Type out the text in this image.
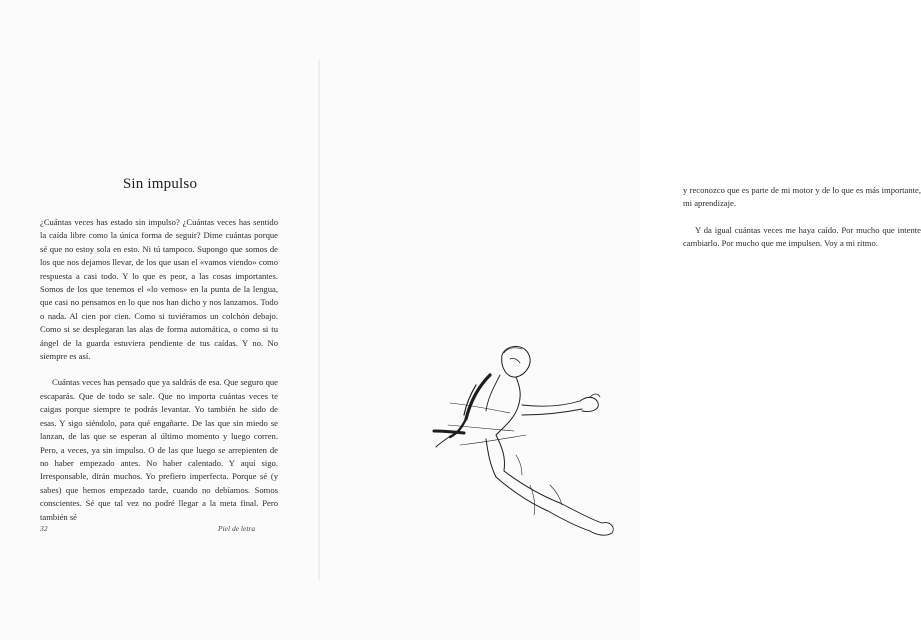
Sin impulso

¿Cuántas veces has estado sin impulso? ¿Cuántas veces has sentido la caída libre como la única forma de seguir? Dime cuántas porque sé que no estoy sola en esto. Ni tú tampoco. Supongo que somos de los que nos dejamos llevar, de los que usan el «vamos viendo» como respuesta a casi todo. Y lo que es peor, a las cosas importantes. Somos de los que tenemos el «lo vemos» en la punta de la lengua, que casi no pensamos en lo que nos han dicho y nos lanzamos. Todo o nada. Al cien por cien. Como si tuviéramos un colchón debajo. Como si se desplegaran las alas de forma automática, o como si tu ángel de la guarda estuviera pendiente de tus caídas. Y no. No siempre es así.

Cuántas veces has pensado que ya saldrás de esa. Que seguro que escaparás. Que de todo se sale. Que no importa cuántas veces te caigas porque siempre te podrás levantar. Yo también he sido de esas. Y sigo siéndolo, para qué engañarte. De las que sin miedo se lanzan, de las que se esperan al último momento y luego corren. Pero, a veces, ya sin impulso. O de las que luego se arrepienten de no haber empezado antes. No haber calentado. Y aquí sigo. Irresponsable, dirán muchos. Yo prefiero imperfecta. Porque sé (y sabes) que hemos empezado tarde, cuando no debíamos. Somos conscientes. Sé que tal vez no podré llegar a la meta final. Pero también sé

32	Piel de letra

y reconozco que es parte de mi motor y de lo que es más importante, mi aprendizaje.

Y da igual cuántas veces me haya caído. Por mucho que intente cambiarlo. Por mucho que me impulsen. Voy a mi ritmo.
